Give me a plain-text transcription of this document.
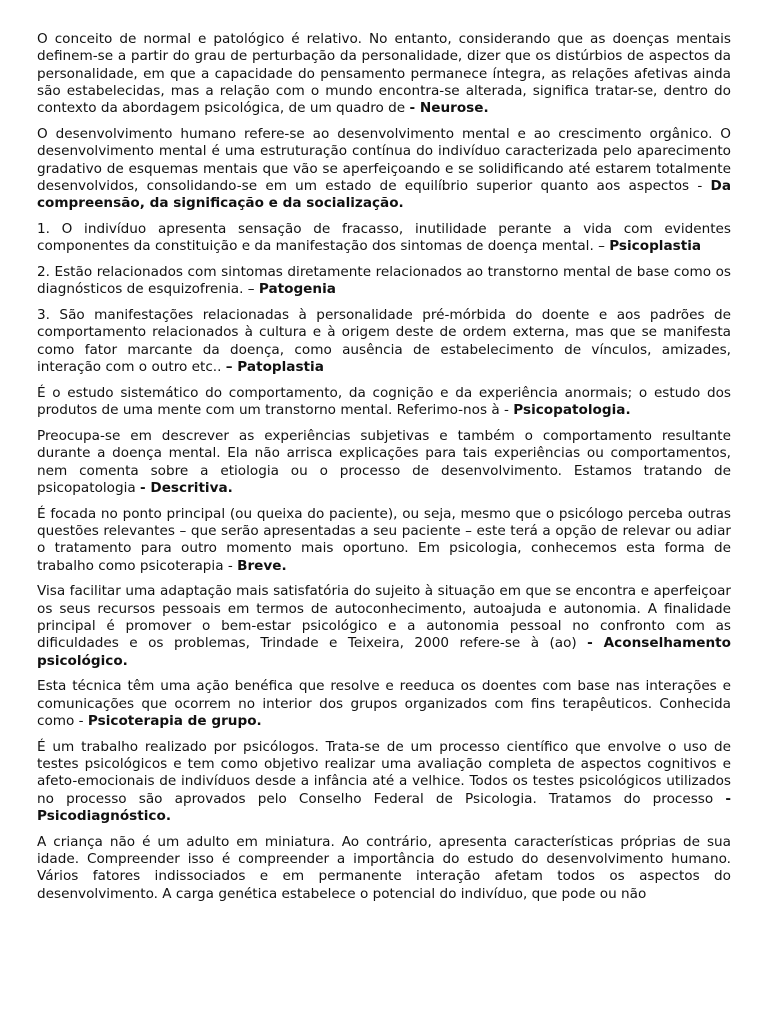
O conceito de normal e patológico é relativo. No entanto, considerando que as doenças mentais definem-se a partir do grau de perturbação da personalidade, dizer que os distúrbios de aspectos da personalidade, em que a capacidade do pensamento permanece íntegra, as relações afetivas ainda são estabelecidas, mas a relação com o mundo encontra-se alterada, significa tratar-se, dentro do contexto da abordagem psicológica, de um quadro de - Neurose.

O desenvolvimento humano refere-se ao desenvolvimento mental e ao crescimento orgânico. O desenvolvimento mental é uma estruturação contínua do indivíduo caracterizada pelo aparecimento gradativo de esquemas mentais que vão se aperfeiçoando e se solidificando até estarem totalmente desenvolvidos, consolidando-se em um estado de equilíbrio superior quanto aos aspectos - Da compreensão, da significação e da socialização.

1. O indivíduo apresenta sensação de fracasso, inutilidade perante a vida com evidentes componentes da constituição e da manifestação dos sintomas de doença mental. – Psicoplastia

2. Estão relacionados com sintomas diretamente relacionados ao transtorno mental de base como os diagnósticos de esquizofrenia. – Patogenia

3. São manifestações relacionadas à personalidade pré-mórbida do doente e aos padrões de comportamento relacionados à cultura e à origem deste de ordem externa, mas que se manifesta como fator marcante da doença, como ausência de estabelecimento de vínculos, amizades, interação com o outro etc.. – Patoplastia

É o estudo sistemático do comportamento, da cognição e da experiência anormais; o estudo dos produtos de uma mente com um transtorno mental. Referimo-nos à - Psicopatologia.

Preocupa-se em descrever as experiências subjetivas e também o comportamento resultante durante a doença mental. Ela não arrisca explicações para tais experiências ou comportamentos, nem comenta sobre a etiologia ou o processo de desenvolvimento. Estamos tratando de psicopatologia - Descritiva.

É focada no ponto principal (ou queixa do paciente), ou seja, mesmo que o psicólogo perceba outras questões relevantes – que serão apresentadas a seu paciente – este terá a opção de relevar ou adiar o tratamento para outro momento mais oportuno. Em psicologia, conhecemos esta forma de trabalho como psicoterapia - Breve.

Visa facilitar uma adaptação mais satisfatória do sujeito à situação em que se encontra e aperfeiçoar os seus recursos pessoais em termos de autoconhecimento, autoajuda e autonomia. A finalidade principal é promover o bem-estar psicológico e a autonomia pessoal no confronto com as dificuldades e os problemas, Trindade e Teixeira, 2000 refere-se à (ao) - Aconselhamento psicológico.

Esta técnica têm uma ação benéfica que resolve e reeduca os doentes com base nas interações e comunicações que ocorrem no interior dos grupos organizados com fins terapêuticos. Conhecida como - Psicoterapia de grupo.

É um trabalho realizado por psicólogos. Trata-se de um processo científico que envolve o uso de testes psicológicos e tem como objetivo realizar uma avaliação completa de aspectos cognitivos e afeto-emocionais de indivíduos desde a infância até a velhice. Todos os testes psicológicos utilizados no processo são aprovados pelo Conselho Federal de Psicologia. Tratamos do processo - Psicodiagnóstico.

A criança não é um adulto em miniatura. Ao contrário, apresenta características próprias de sua idade. Compreender isso é compreender a importância do estudo do desenvolvimento humano. Vários fatores indissociados e em permanente interação afetam todos os aspectos do desenvolvimento. A carga genética estabelece o potencial do indivíduo, que pode ou não
